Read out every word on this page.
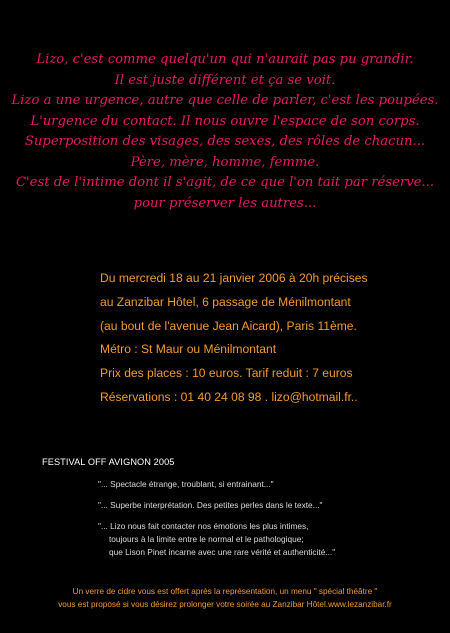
Lizo, c'est comme quelqu'un qui n'aurait pas pu grandir.
Il est juste différent et ça se voit.
Lizo a une urgence, autre que celle de parler, c'est les poupées.
L'urgence du contact. Il nous ouvre l'espace de son corps.
Superposition des visages, des sexes, des rôles de chacun...
Père, mère, homme, femme.
C'est de l'intime dont il s'agit, de ce que l'on tait par réserve...
pour préserver les autres...
Du mercredi 18 au 21 janvier 2006 à 20h précises
au Zanzibar Hôtel, 6 passage de Ménilmontant
(au bout de l'avenue Jean Aicard), Paris 11ème.
Métro : St Maur ou Ménilmontant
Prix des places : 10 euros. Tarif reduit : 7 euros
Réservations : 01 40 24 08 98 . lizo@hotmail.fr..
FESTIVAL OFF AVIGNON 2005
"... Spectacle étrange, troublant, si entrainant..."
"... Superbe interprétation. Des petites perles dans le texte..."
"... Lizo nous fait contacter nos émotions les plus intimes,
toujours à la limite entre le normal et le pathologique;
que Lison Pinet incarne avec une rare vérité et authenticité..."
Un verre de cidre vous est offert après la représentation, un menu " spécial théâtre "
vous est proposé si vous désirez prolonger votre soirée au Zanzibar Hôtel.www.lezanzibar.fr
